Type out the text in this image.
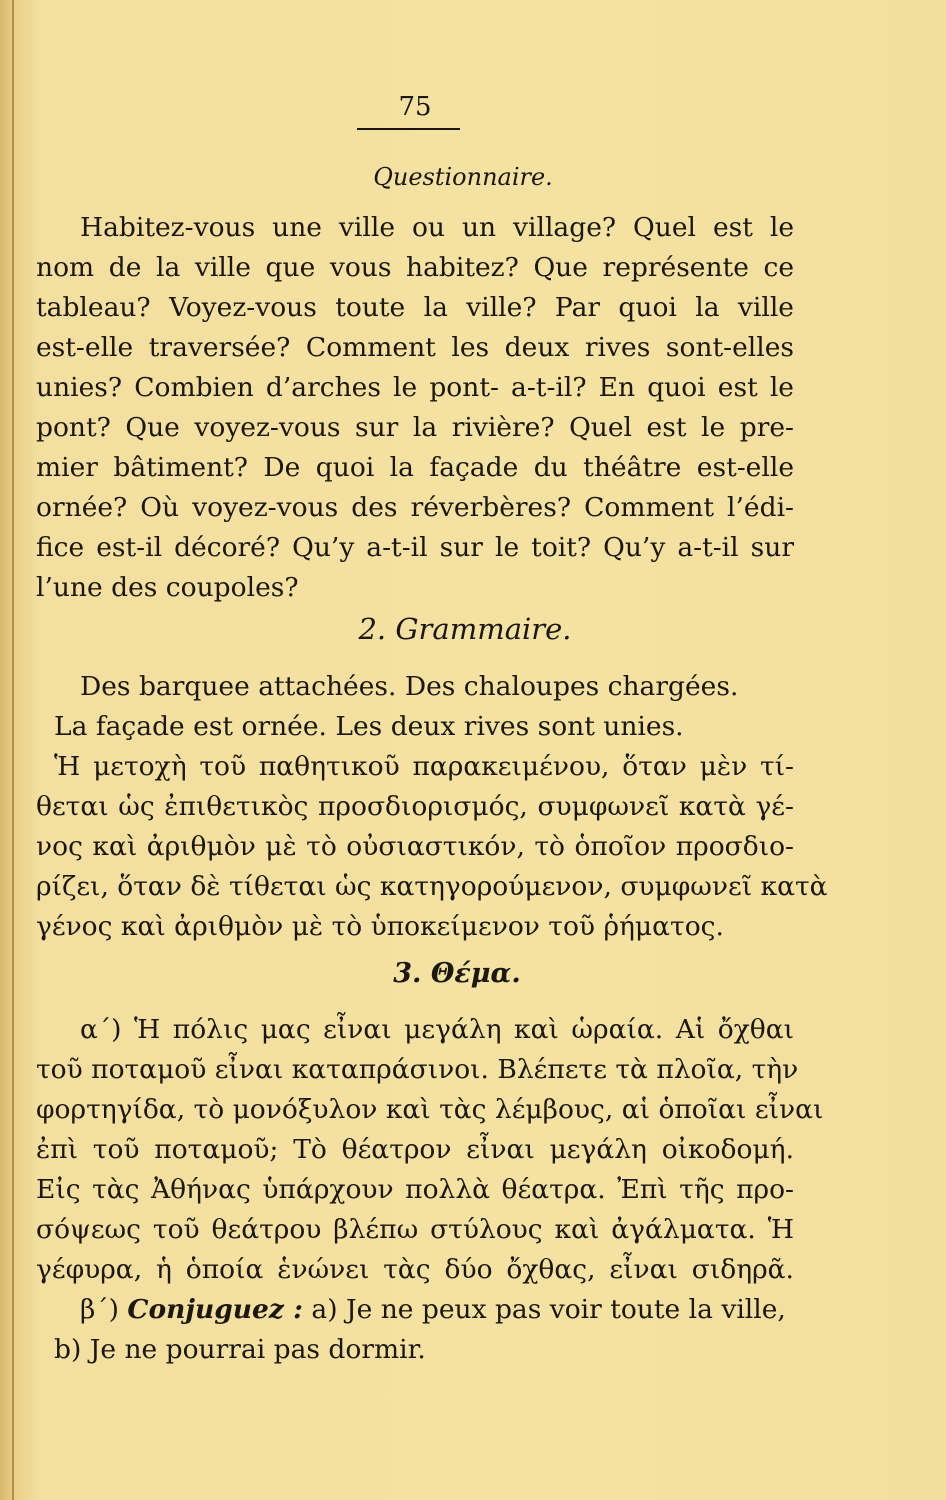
75
Questionnaire.
Habitez-vous une ville ou un village? Quel est le
nom de la ville que vous habitez? Que représente ce
tableau? Voyez-vous toute la ville? Par quoi la ville
est-elle traversée? Comment les deux rives sont-elles
unies? Combien d’arches le pont- a-t-il? En quoi est le
pont? Que voyez-vous sur la rivière? Quel est le pre-
mier bâtiment? De quoi la façade du théâtre est-elle
ornée? Où voyez-vous des réverbères? Comment l’édi-
fice est-il décoré? Qu’y a-t-il sur le toit? Qu’y a-t-il sur
l’une des coupoles?
2. Grammaire.
Des barquee attachées. Des chaloupes chargées.
La façade est ornée. Les deux rives sont unies.
Ἡ μετοχὴ τοῦ παθητικοῦ παρακειμένου, ὅταν μὲν τί-
θεται ὡς ἐπιθετικὸς προσδιορισμός, συμφωνεῖ κατὰ γέ-
νος καὶ ἀριθμὸν μὲ τὸ οὐσιαστικόν, τὸ ὁποῖον προσδιο-
ρίζει, ὅταν δὲ τίθεται ὡς κατηγορούμενον, συμφωνεῖ κατὰ
γένος καὶ ἀριθμὸν μὲ τὸ ὑποκείμενον τοῦ ῥήματος.
3. Θέμα.
α΄) Ἡ πόλις μας εἶναι μεγάλη καὶ ὡραία. Αἱ ὄχθαι
τοῦ ποταμοῦ εἶναι καταπράσινοι. Βλέπετε τὰ πλοῖα, τὴν
φορτηγίδα, τὸ μονόξυλον καὶ τὰς λέμβους, αἱ ὁποῖαι εἶναι
ἐπὶ τοῦ ποταμοῦ; Τὸ θέατρον εἶναι μεγάλη οἰκοδομή.
Εἰς τὰς Ἀθήνας ὑπάρχουν πολλὰ θέατρα. Ἐπὶ τῆς προ-
σόψεως τοῦ θεάτρου βλέπω στύλους καὶ ἀγάλματα. Ἡ
γέφυρα, ἡ ὁποία ἑνώνει τὰς δύο ὄχθας, εἶναι σιδηρᾶ.
β΄) Conjuguez : a) Je ne peux pas voir toute la ville,
b) Je ne pourrai pas dormir.
